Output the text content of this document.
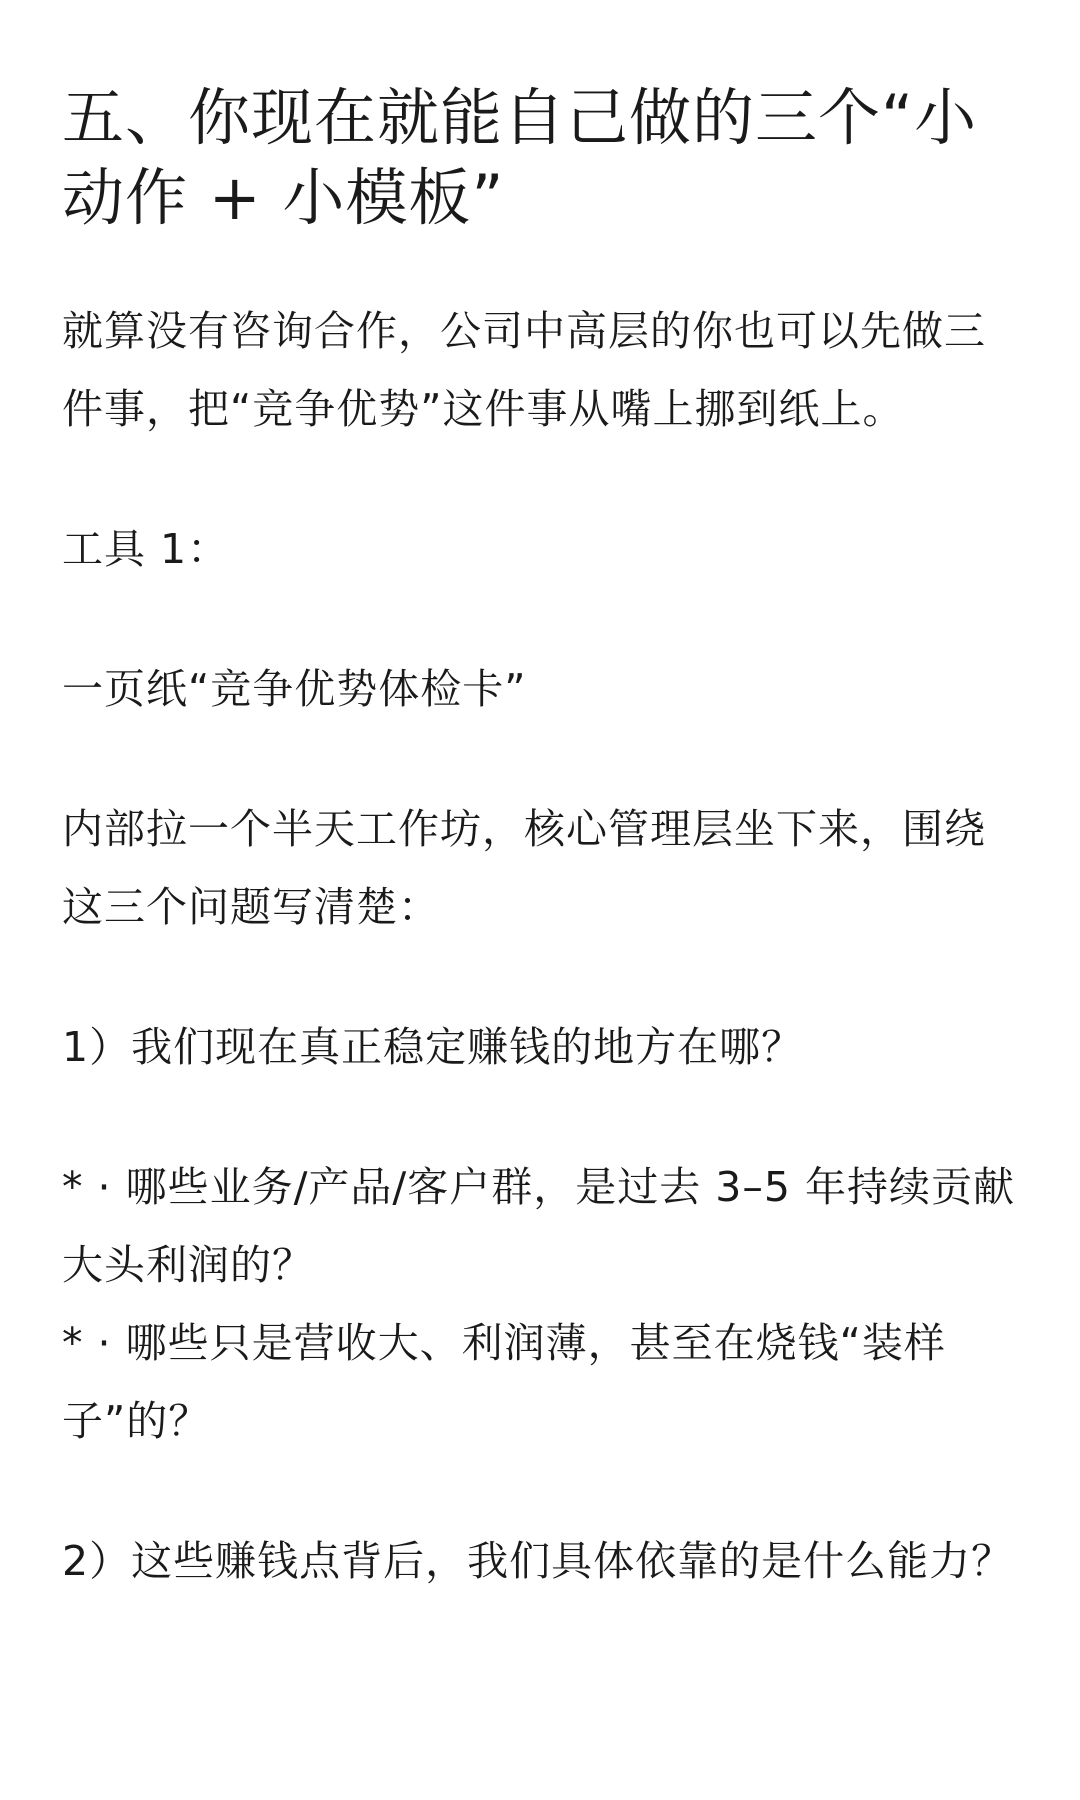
五、你现在就能自己做的三个“小动作 + 小模板”

就算没有咨询合作，公司中高层的你也可以先做三件事，把“竞争优势”这件事从嘴上挪到纸上。

工具 1：

一页纸“竞争优势体检卡”

内部拉一个半天工作坊，核心管理层坐下来，围绕这三个问题写清楚：

1）我们现在真正稳定赚钱的地方在哪？

* · 哪些业务/产品/客户群，是过去 3–5 年持续贡献大头利润的？
* · 哪些只是营收大、利润薄，甚至在烧钱“装样子”的？

2）这些赚钱点背后，我们具体依靠的是什么能力？
